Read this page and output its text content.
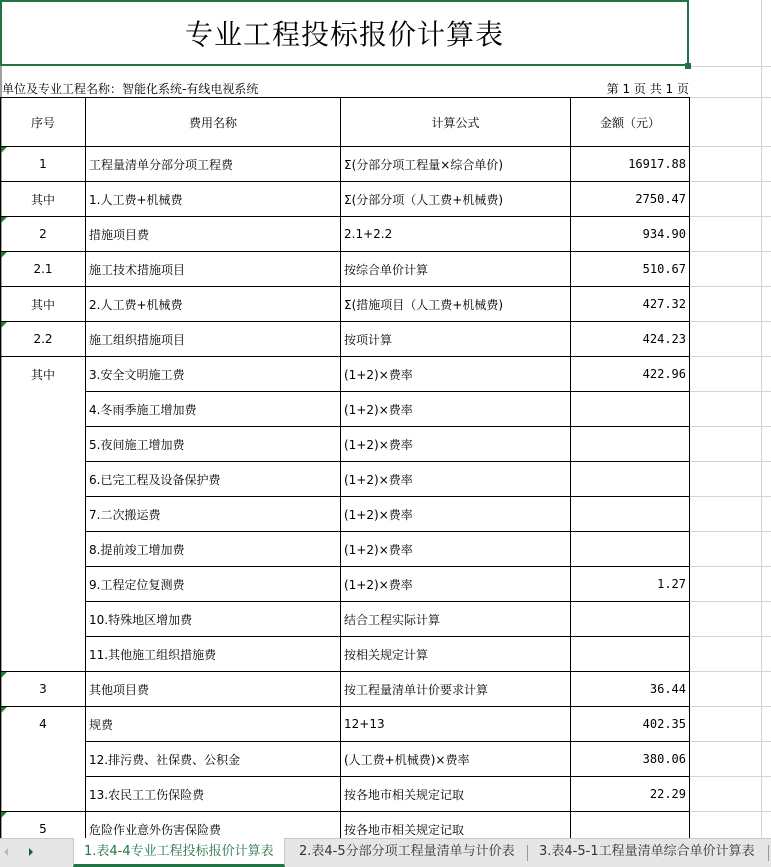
专业工程投标报价计算表
单位及专业工程名称：智能化系统-有线电视系统	第 1 页 共 1 页
序号	费用名称	计算公式	金额（元）
1	工程量清单分部分项工程费	Σ(分部分项工程量×综合单价)	16917.88
其中	1.人工费+机械费	Σ(分部分项（人工费+机械费)	2750.47
2	措施项目费	2.1+2.2	934.90
2.1	施工技术措施项目	按综合单价计算	510.67
其中	2.人工费+机械费	Σ(措施项目（人工费+机械费)	427.32
2.2	施工组织措施项目	按项计算	424.23
其中	3.安全文明施工费	(1+2)×费率	422.96
	4.冬雨季施工增加费	(1+2)×费率	
	5.夜间施工增加费	(1+2)×费率	
	6.已完工程及设备保护费	(1+2)×费率	
	7.二次搬运费	(1+2)×费率	
	8.提前竣工增加费	(1+2)×费率	
	9.工程定位复测费	(1+2)×费率	1.27
	10.特殊地区增加费	结合工程实际计算	
	11.其他施工组织措施费	按相关规定计算	
3	其他项目费	按工程量清单计价要求计算	36.44
4	规费	12+13	402.35
	12.排污费、社保费、公积金	(人工费+机械费)×费率	380.06
	13.农民工工伤保险费	按各地市相关规定记取	22.29
5	危险作业意外伤害保险费	按各地市相关规定记取	
1.表4-4专业工程投标报价计算表	2.表4-5分部分项工程量清单与计价表	3.表4-5-1工程量清单综合单价计算表
